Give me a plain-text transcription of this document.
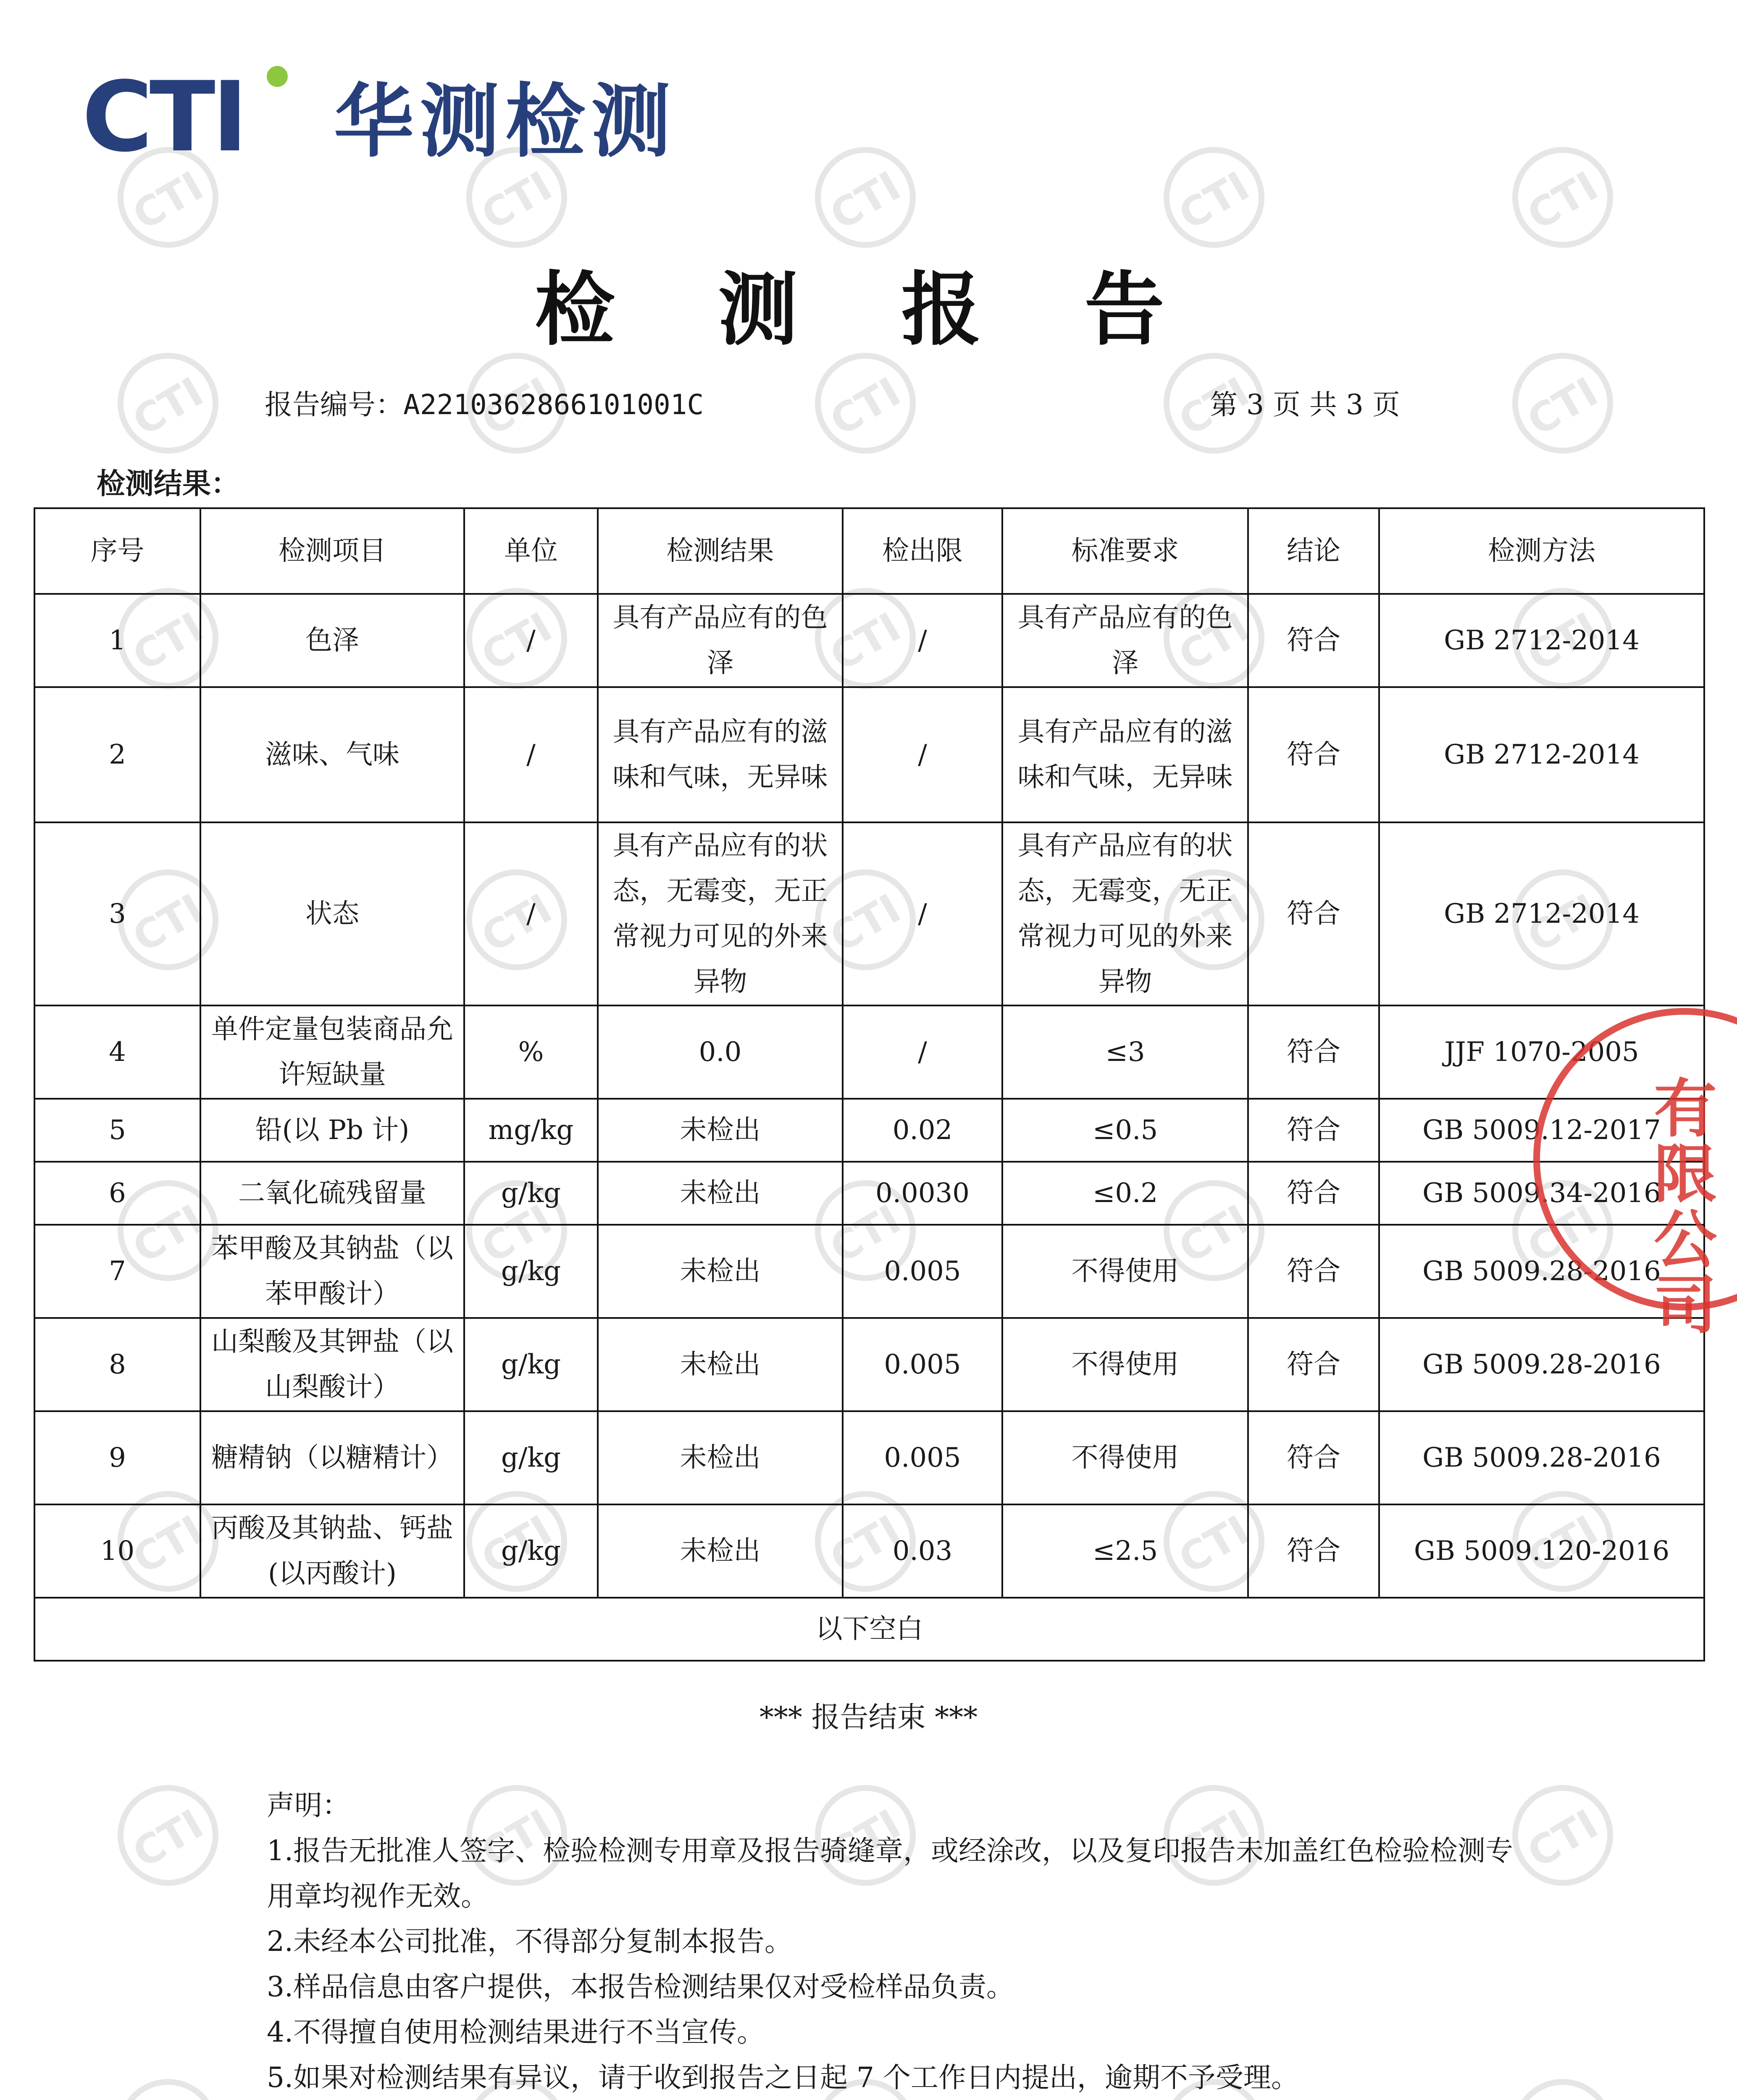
CTI
CTI
CTI
CTI
CTI
CTI
CTI
CTI
CTI
CTI
CTI
CTI
CTI
CTI
CTI
CTI
CTI
CTI
CTI
CTI
CTI
CTI
CTI
CTI
CTI
CTI
CTI
CTI
CTI
CTI
CTI
CTI
CTI
CTI
CTI
CTI
CTI
CTI
CTI
CTI
CTI 华测检测
检 测 报 告
报告编号：A2210362866101001C	第 3 页 共 3 页
检测结果：
序号	检测项目	单位	检测结果	检出限	标准要求	结论	检测方法
1	色泽	/	具有产品应有的色泽	/	具有产品应有的色泽	符合	GB 2712-2014
2	滋味、气味	/	具有产品应有的滋味和气味，无异味	/	具有产品应有的滋味和气味，无异味	符合	GB 2712-2014
3	状态	/	具有产品应有的状态，无霉变，无正常视力可见的外来异物	/	具有产品应有的状态，无霉变，无正常视力可见的外来异物	符合	GB 2712-2014
4	单件定量包装商品允许短缺量	%	0.0	/	≤3	符合	JJF 1070-2005
5	铅(以 Pb 计)	mg/kg	未检出	0.02	≤0.5	符合	GB 5009.12-2017
6	二氧化硫残留量	g/kg	未检出	0.0030	≤0.2	符合	GB 5009.34-2016
7	苯甲酸及其钠盐（以苯甲酸计）	g/kg	未检出	0.005	不得使用	符合	GB 5009.28-2016
8	山梨酸及其钾盐（以山梨酸计）	g/kg	未检出	0.005	不得使用	符合	GB 5009.28-2016
9	糖精钠（以糖精计）	g/kg	未检出	0.005	不得使用	符合	GB 5009.28-2016
10	丙酸及其钠盐、钙盐(以丙酸计)	g/kg	未检出	0.03	≤2.5	符合	GB 5009.120-2016
以下空白							
*** 报告结束 ***
声明：
1.报告无批准人签字、检验检测专用章及报告骑缝章，或经涂改，以及复印报告未加盖红色检验检测专用章均视作无效。
2.未经本公司批准，不得部分复制本报告。
3.样品信息由客户提供，本报告检测结果仅对受检样品负责。
4.不得擅自使用检测结果进行不当宣传。
5.如果对检测结果有异议，请于收到报告之日起 7 个工作日内提出，逾期不予受理。
有限公司
